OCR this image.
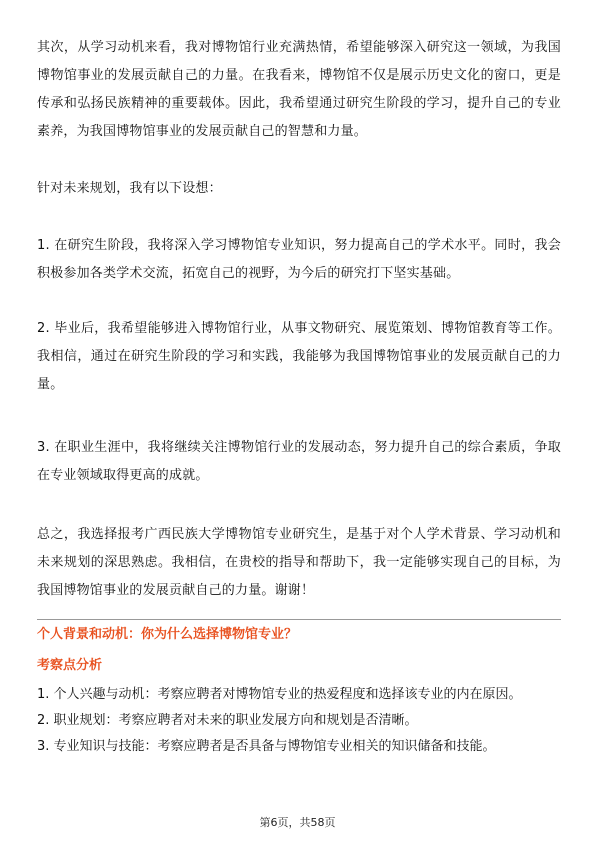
其次，从学习动机来看，我对博物馆行业充满热情，希望能够深入研究这一领域，为我国博物馆事业的发展贡献自己的力量。在我看来，博物馆不仅是展示历史文化的窗口，更是传承和弘扬民族精神的重要载体。因此，我希望通过研究生阶段的学习，提升自己的专业素养，为我国博物馆事业的发展贡献自己的智慧和力量。

针对未来规划，我有以下设想：

1. 在研究生阶段，我将深入学习博物馆专业知识，努力提高自己的学术水平。同时，我会积极参加各类学术交流，拓宽自己的视野，为今后的研究打下坚实基础。

2. 毕业后，我希望能够进入博物馆行业，从事文物研究、展览策划、博物馆教育等工作。我相信，通过在研究生阶段的学习和实践，我能够为我国博物馆事业的发展贡献自己的力量。

3. 在职业生涯中，我将继续关注博物馆行业的发展动态，努力提升自己的综合素质，争取在专业领域取得更高的成就。

总之，我选择报考广西民族大学博物馆专业研究生，是基于对个人学术背景、学习动机和未来规划的深思熟虑。我相信，在贵校的指导和帮助下，我一定能够实现自己的目标，为我国博物馆事业的发展贡献自己的力量。谢谢！

个人背景和动机：你为什么选择博物馆专业？
考察点分析

1. 个人兴趣与动机：考察应聘者对博物馆专业的热爱程度和选择该专业的内在原因。

2. 职业规划：考察应聘者对未来的职业发展方向和规划是否清晰。

3. 专业知识与技能：考察应聘者是否具备与博物馆专业相关的知识储备和技能。

第6页，共58页
